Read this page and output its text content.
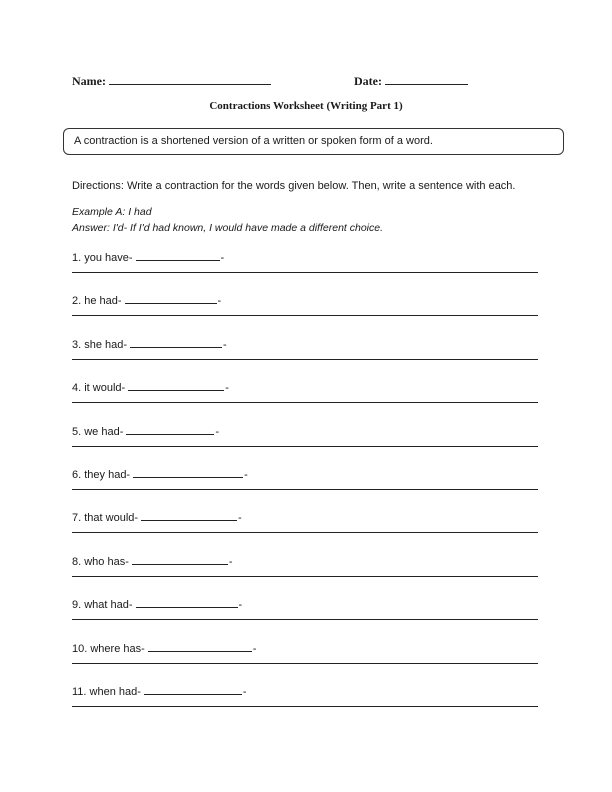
Name:	Date:
Contractions Worksheet (Writing Part 1)
A contraction is a shortened version of a written or spoken form of a word.
Directions: Write a contraction for the words given below. Then, write a sentence with each.
Example A: I had
Answer: I'd- If I'd had known, I would have made a different choice.
1. you have-	-
2. he had-	-
3. she had-	-
4. it would-	-
5. we had-	-
6. they had-	-
7. that would-	-
8. who has-	-
9. what had-	-
10. where has-	-
11. when had-	-
